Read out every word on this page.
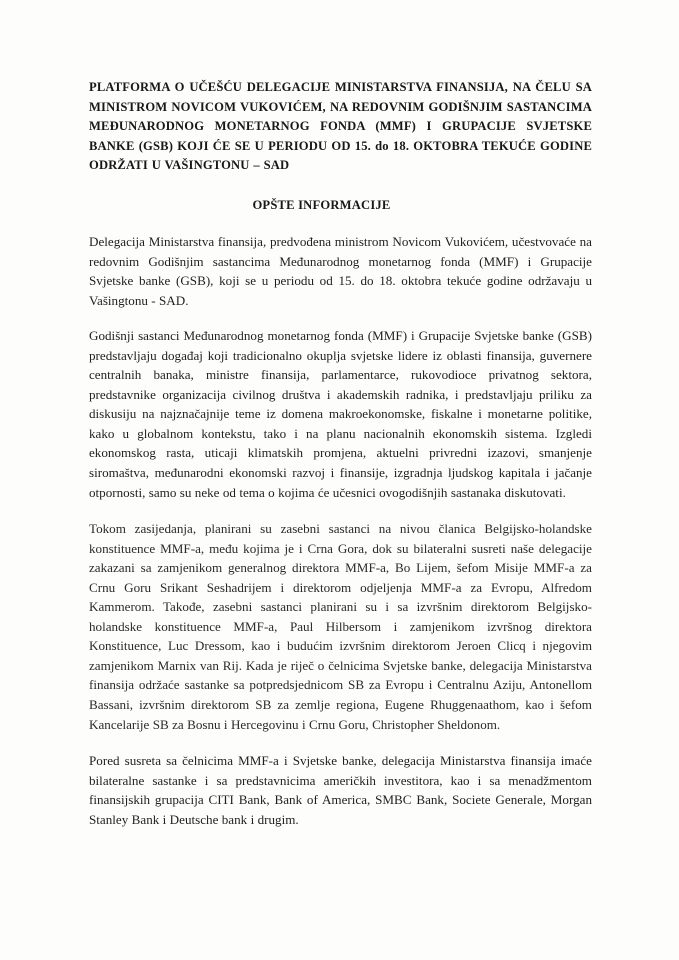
PLATFORMA O UČEŠĆU DELEGACIJE MINISTARSTVA FINANSIJA, NA ČELU SA MINISTROM NOVICOM VUKOVIĆEM, NA REDOVNIM GODIŠNJIM SASTANCIMA MEĐUNARODNOG MONETARNOG FONDA (MMF) I GRUPACIJE SVJETSKE BANKE (GSB) KOJI ĆE SE U PERIODU OD 15. do 18. OKTOBRA TEKUĆE GODINE ODRŽATI U VAŠINGTONU – SAD
OPŠTE INFORMACIJE

Delegacija Ministarstva finansija, predvođena ministrom Novicom Vukovićem, učestvovaće na redovnim Godišnjim sastancima Međunarodnog monetarnog fonda (MMF) i Grupacije Svjetske banke (GSB), koji se u periodu od 15. do 18. oktobra tekuće godine održavaju u Vašingtonu - SAD.

Godišnji sastanci Međunarodnog monetarnog fonda (MMF) i Grupacije Svjetske banke (GSB) predstavljaju događaj koji tradicionalno okuplja svjetske lidere iz oblasti finansija, guvernere centralnih banaka, ministre finansija, parlamentarce, rukovodioce privatnog sektora, predstavnike organizacija civilnog društva i akademskih radnika, i predstavljaju priliku za diskusiju na najznačajnije teme iz domena makroekonomske, fiskalne i monetarne politike, kako u globalnom kontekstu, tako i na planu nacionalnih ekonomskih sistema. Izgledi ekonomskog rasta, uticaji klimatskih promjena, aktuelni privredni izazovi, smanjenje siromaštva, međunarodni ekonomski razvoj i finansije, izgradnja ljudskog kapitala i jačanje otpornosti, samo su neke od tema o kojima će učesnici ovogodišnjih sastanaka diskutovati.

Tokom zasijedanja, planirani su zasebni sastanci na nivou članica Belgijsko-holandske konstituence MMF-a, među kojima je i Crna Gora, dok su bilateralni susreti naše delegacije zakazani sa zamjenikom generalnog direktora MMF-a, Bo Lijem, šefom Misije MMF-a za Crnu Goru Srikant Seshadrijem i direktorom odjeljenja MMF-a za Evropu, Alfredom Kammerom. Takođe, zasebni sastanci planirani su i sa izvršnim direktorom Belgijsko-holandske konstituence MMF-a, Paul Hilbersom i zamjenikom izvršnog direktora Konstituence, Luc Dressom, kao i budućim izvršnim direktorom Jeroen Clicq i njegovim zamjenikom Marnix van Rij. Kada je riječ o čelnicima Svjetske banke, delegacija Ministarstva finansija održaće sastanke sa potpredsjednicom SB za Evropu i Centralnu Aziju, Antonellom Bassani, izvršnim direktorom SB za zemlje regiona, Eugene Rhuggenaathom, kao i šefom Kancelarije SB za Bosnu i Hercegovinu i Crnu Goru, Christopher Sheldonom.

Pored susreta sa čelnicima MMF-a i Svjetske banke, delegacija Ministarstva finansija imaće bilateralne sastanke i sa predstavnicima američkih investitora, kao i sa menadžmentom finansijskih grupacija CITI Bank, Bank of America, SMBC Bank, Societe Generale, Morgan Stanley Bank i Deutsche bank i drugim.
